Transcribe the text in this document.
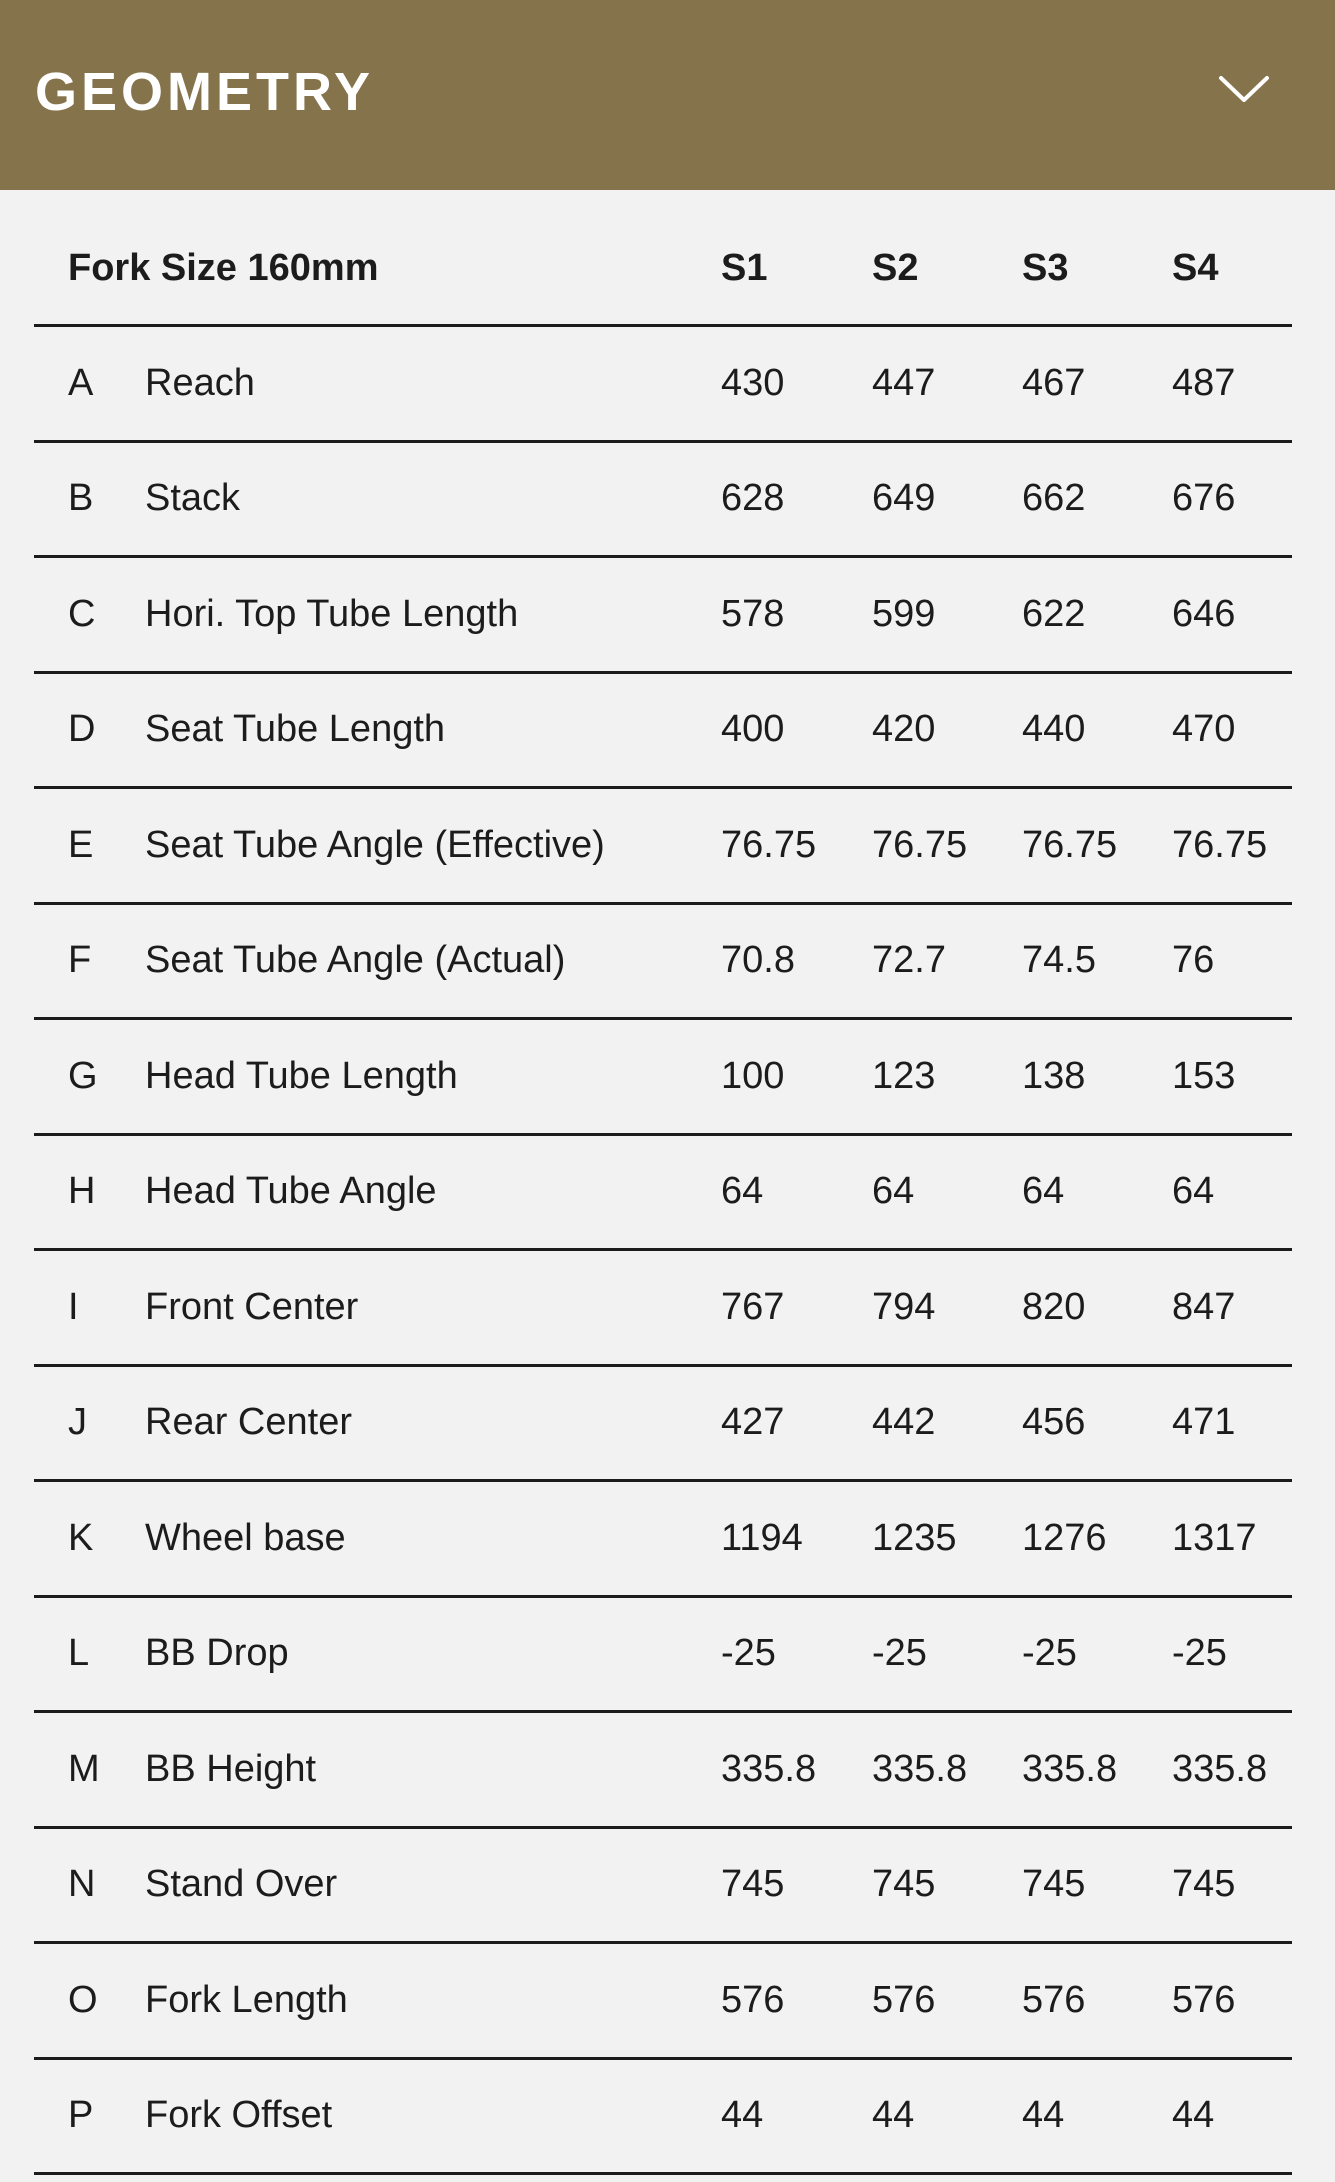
GEOMETRY
Fork Size 160mm	S1	S2	S3	S4
A Reach	430 447 467 487
B Stack	628 649 662 676
C Hori. Top Tube Length	578 599 622 646
D Seat Tube Length	400 420 440 470
E Seat Tube Angle (Effective)	76.75 76.75 76.75 76.75
F Seat Tube Angle (Actual)	70.8 72.7 74.5 76
G Head Tube Length	100 123 138 153
H Head Tube Angle	64	64	64	64
I Front Center	767 794 820 847
J Rear Center	427 442 456 471
K Wheel base	1194 1235 1276 1317
L BB Drop	-25	-25	-25	-25
M BB Height	335.8 335.8 335.8 335.8
N Stand Over	745 745 745 745
O Fork Length	576 576 576 576
P Fork Offset	44	44	44	44
